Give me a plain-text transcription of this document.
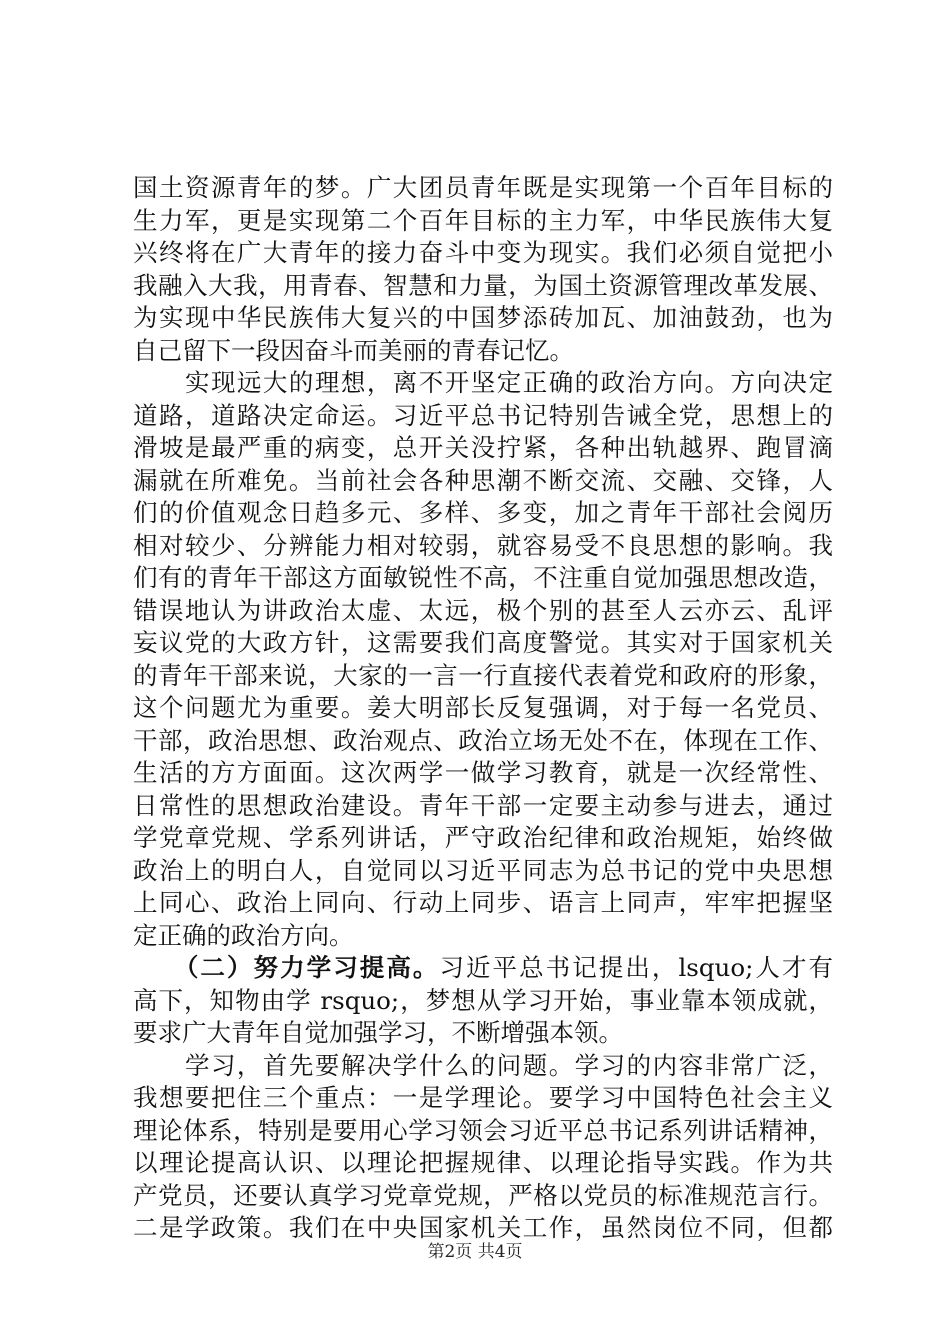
国土资源青年的梦。广大团员青年既是实现第一个百年目标的
生力军，更是实现第二个百年目标的主力军，中华民族伟大复
兴终将在广大青年的接力奋斗中变为现实。我们必须自觉把小
我融入大我，用青春、智慧和力量，为国土资源管理改革发展、
为实现中华民族伟大复兴的中国梦添砖加瓦、加油鼓劲，也为
自己留下一段因奋斗而美丽的青春记忆。
　　实现远大的理想，离不开坚定正确的政治方向。方向决定
道路，道路决定命运。习近平总书记特别告诫全党，思想上的
滑坡是最严重的病变，总开关没拧紧，各种出轨越界、跑冒滴
漏就在所难免。当前社会各种思潮不断交流、交融、交锋，人
们的价值观念日趋多元、多样、多变，加之青年干部社会阅历
相对较少、分辨能力相对较弱，就容易受不良思想的影响。我
们有的青年干部这方面敏锐性不高，不注重自觉加强思想改造，
错误地认为讲政治太虚、太远，极个别的甚至人云亦云、乱评
妄议党的大政方针，这需要我们高度警觉。其实对于国家机关
的青年干部来说，大家的一言一行直接代表着党和政府的形象，
这个问题尤为重要。姜大明部长反复强调，对于每一名党员、
干部，政治思想、政治观点、政治立场无处不在，体现在工作、
生活的方方面面。这次两学一做学习教育，就是一次经常性、
日常性的思想政治建设。青年干部一定要主动参与进去，通过
学党章党规、学系列讲话，严守政治纪律和政治规矩，始终做
政治上的明白人，自觉同以习近平同志为总书记的党中央思想
上同心、政治上同向、行动上同步、语言上同声，牢牢把握坚
定正确的政治方向。
　　（二）努力学习提高。习近平总书记提出，lsquo;人才有
高下，知物由学 rsquo;，梦想从学习开始，事业靠本领成就，
要求广大青年自觉加强学习，不断增强本领。
　　学习，首先要解决学什么的问题。学习的内容非常广泛，
我想要把住三个重点：一是学理论。要学习中国特色社会主义
理论体系，特别是要用心学习领会习近平总书记系列讲话精神，
以理论提高认识、以理论把握规律、以理论指导实践。作为共
产党员，还要认真学习党章党规，严格以党员的标准规范言行。
二是学政策。我们在中央国家机关工作，虽然岗位不同，但都
第2页 共4页
